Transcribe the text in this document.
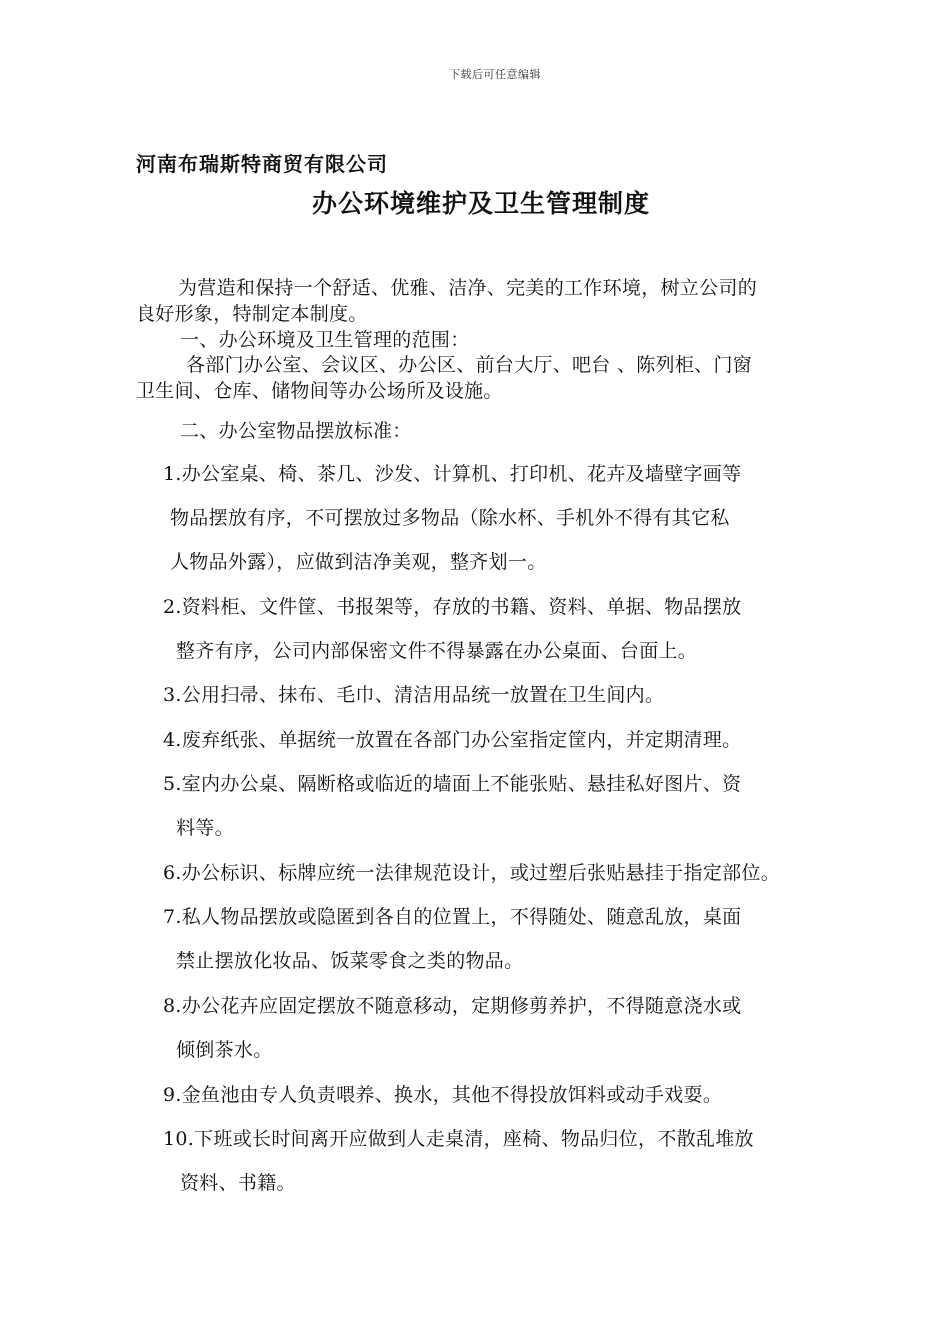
下载后可任意编辑
河南布瑞斯特商贸有限公司
办公环境维护及卫生管理制度
为营造和保持一个舒适、优雅、洁净、完美的工作环境，树立公司的
良好形象，特制定本制度。
一、办公环境及卫生管理的范围：
各部门办公室、会议区、办公区、前台大厅、吧台 、陈列柜、门窗
卫生间、仓库、储物间等办公场所及设施。
二、办公室物品摆放标准：
1.办公室桌、椅、茶几、沙发、计算机、打印机、花卉及墙壁字画等
物品摆放有序，不可摆放过多物品（除水杯、手机外不得有其它私
人物品外露），应做到洁净美观，整齐划一。
2.资料柜、文件筐、书报架等，存放的书籍、资料、单据、物品摆放
整齐有序，公司内部保密文件不得暴露在办公桌面、台面上。
3.公用扫帚、抹布、毛巾、清洁用品统一放置在卫生间内。
4.废弃纸张、单据统一放置在各部门办公室指定筐内，并定期清理。
5.室内办公桌、隔断格或临近的墙面上不能张贴、悬挂私好图片、资
料等。
6.办公标识、标牌应统一法律规范设计，或过塑后张贴悬挂于指定部位。
7.私人物品摆放或隐匿到各自的位置上，不得随处、随意乱放，桌面
禁止摆放化妆品、饭菜零食之类的物品。
8.办公花卉应固定摆放不随意移动，定期修剪养护，不得随意浇水或
倾倒茶水。
9.金鱼池由专人负责喂养、换水，其他不得投放饵料或动手戏耍。
10.下班或长时间离开应做到人走桌清，座椅、物品归位，不散乱堆放
资料、书籍。
